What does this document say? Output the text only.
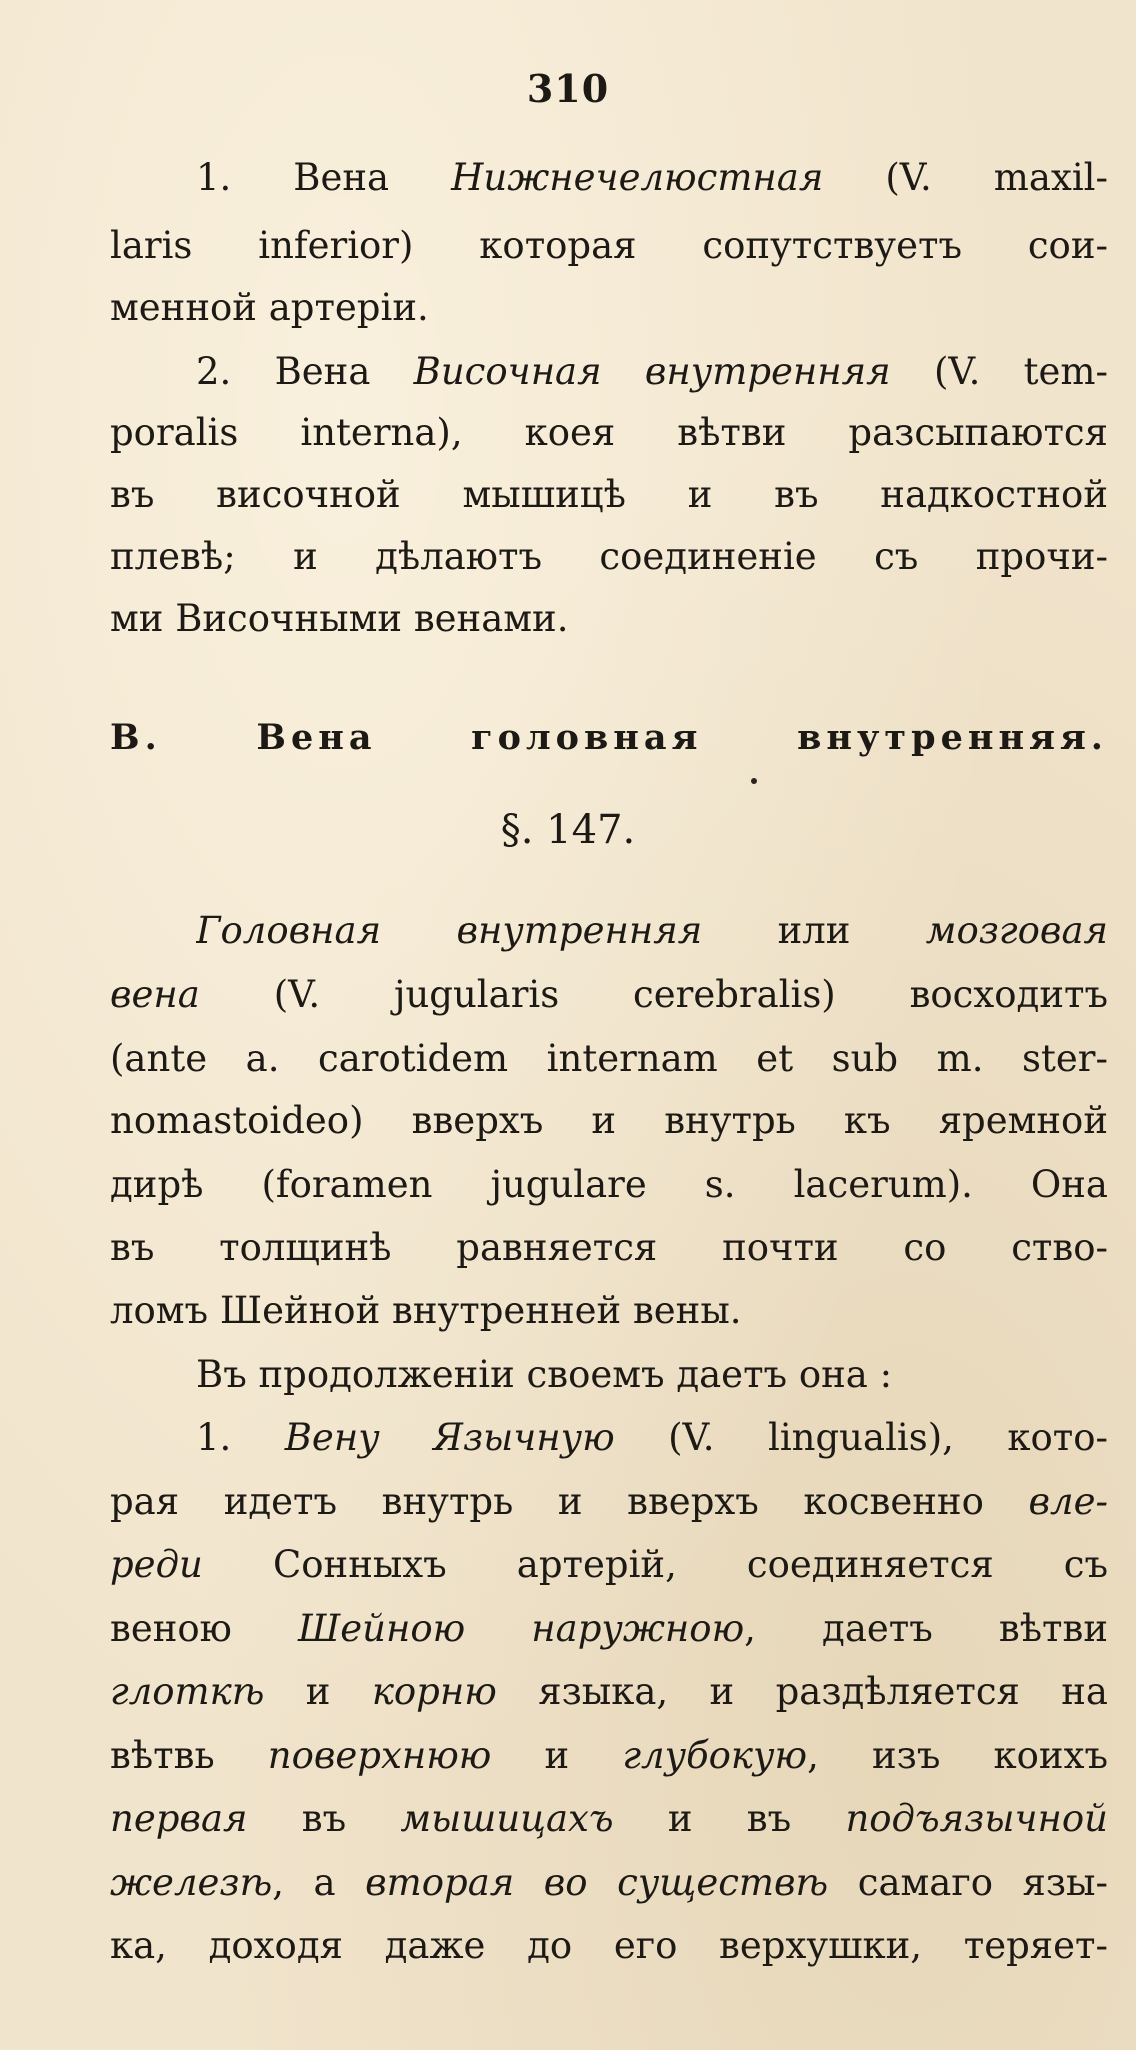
310
1. Вена Нижнечелюстная (V. maxil-
laris inferior) которая сопутствуетъ сои-
менной артеріи.
2. Вена Височная внутренняя (V. tem-
poralis interna), коея вѣтви разсыпаются
въ височной мышицѣ и въ надкостной
плевѣ; и дѣлаютъ соединеніе съ прочи-
ми Височными венами.
B.	Вена головная внутренняя.
§. 147.
Головная внутренняя или мозговая
вена (V. jugularis cerebralis) восходитъ
(ante a. carotidem internam et sub m. ster-
nomastoideo) вверхъ и внутрь къ яремной
дирѣ (foramen jugulare s. lacerum). Она
въ толщинѣ равняется почти со ство-
ломъ Шейной внутренней вены.
Въ продолженіи своемъ даетъ она :
1. Вену Язычную (V. lingualis), кото-
рая идетъ внутрь и вверхъ косвенно вле-
реди Сонныхъ артерій, соединяется съ
веною Шейною наружною, даетъ вѣтви
глоткѣ и корню языка, и раздѣляется на
вѣтвь поверхнюю и глубокую, изъ коихъ
первая въ мышицахъ и въ подъязычной
железѣ, а вторая во существѣ самаго язы-
ка, доходя даже до его верхушки, теряет-
